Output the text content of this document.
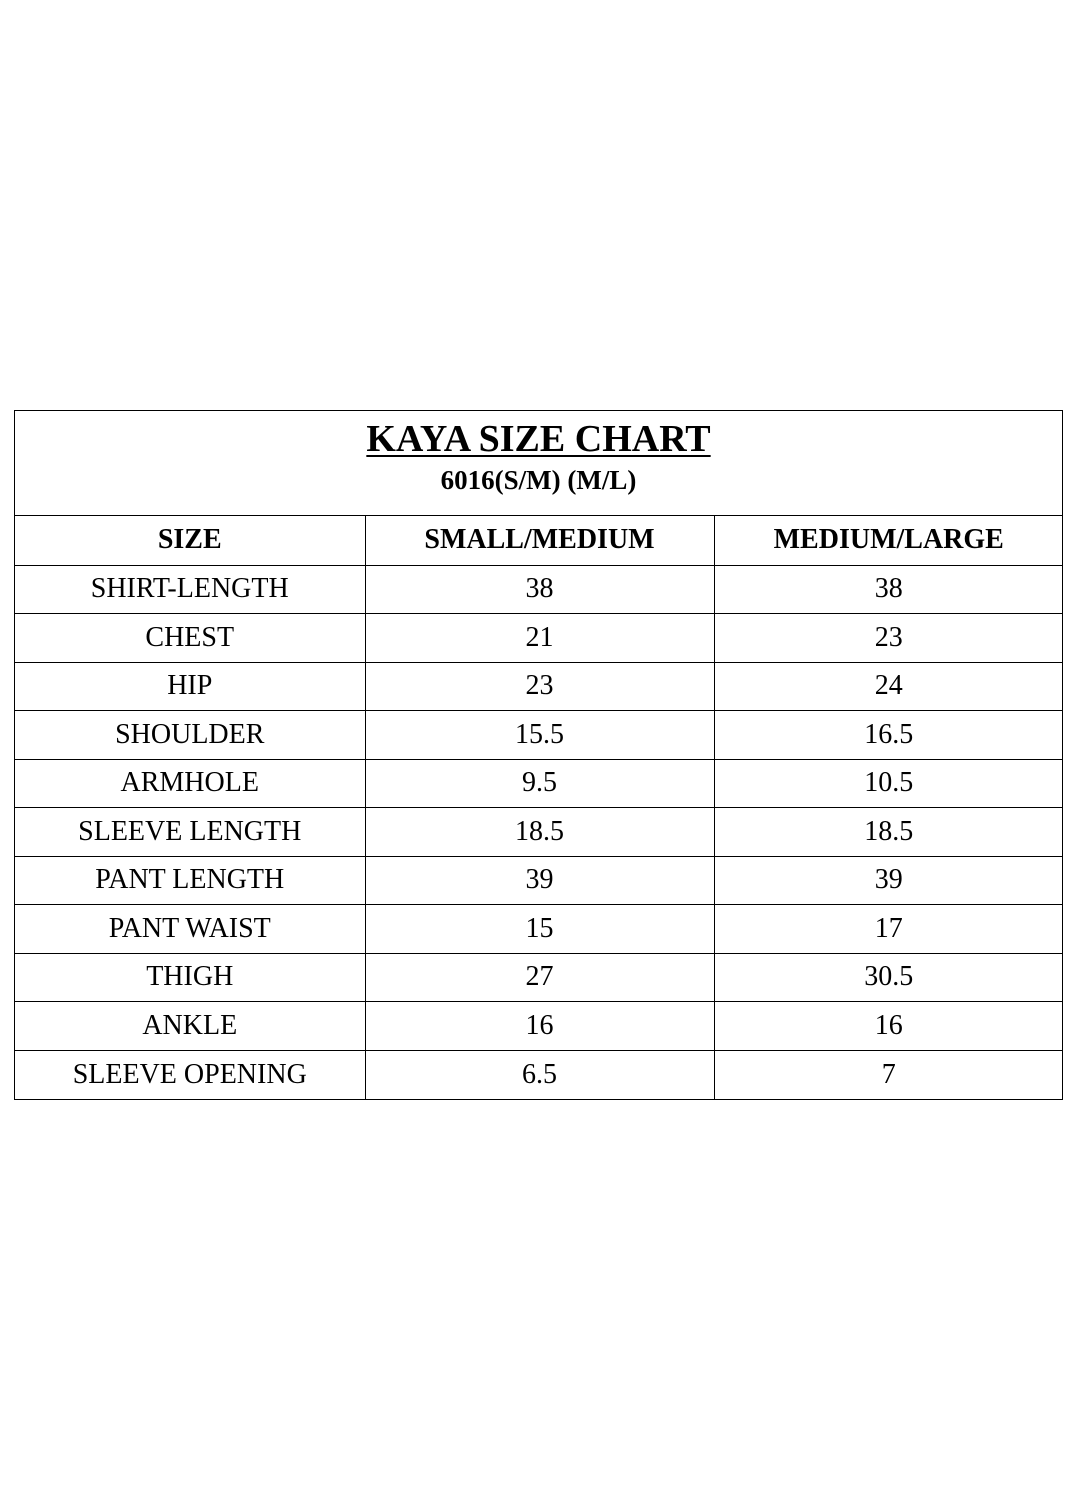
KAYA SIZE CHART
6016(S/M) (M/L)
SIZE	SMALL/MEDIUM	MEDIUM/LARGE
SHIRT-LENGTH	38	38
CHEST	21	23
HIP	23	24
SHOULDER	15.5	16.5
ARMHOLE	9.5	10.5
SLEEVE LENGTH	18.5	18.5
PANT LENGTH	39	39
PANT WAIST	15	17
THIGH	27	30.5
ANKLE	16	16
SLEEVE OPENING	6.5	7
